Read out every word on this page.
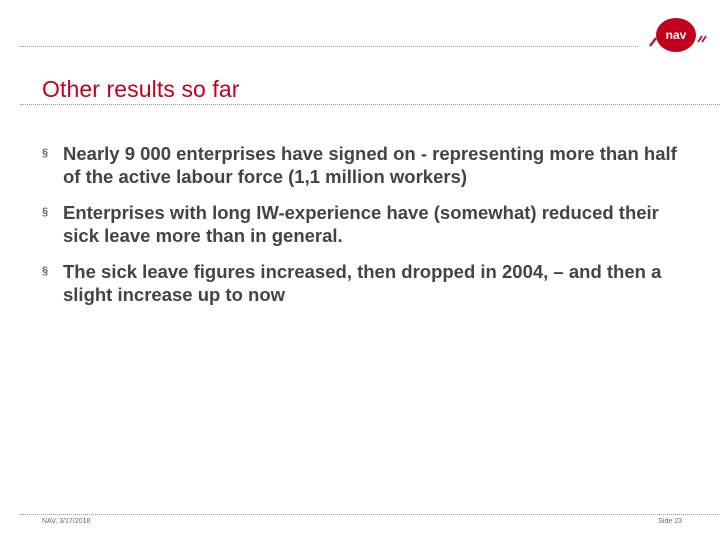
nav
Other results so far
§ Nearly 9 000 enterprises have signed on - representing more than half of the active labour force (1,1 million workers)
§ Enterprises with long IW-experience have (somewhat) reduced their sick leave more than in general.
§ The sick leave figures increased, then dropped in 2004, – and then a slight increase up to now
NAV, 3/17/2018	Side 23
